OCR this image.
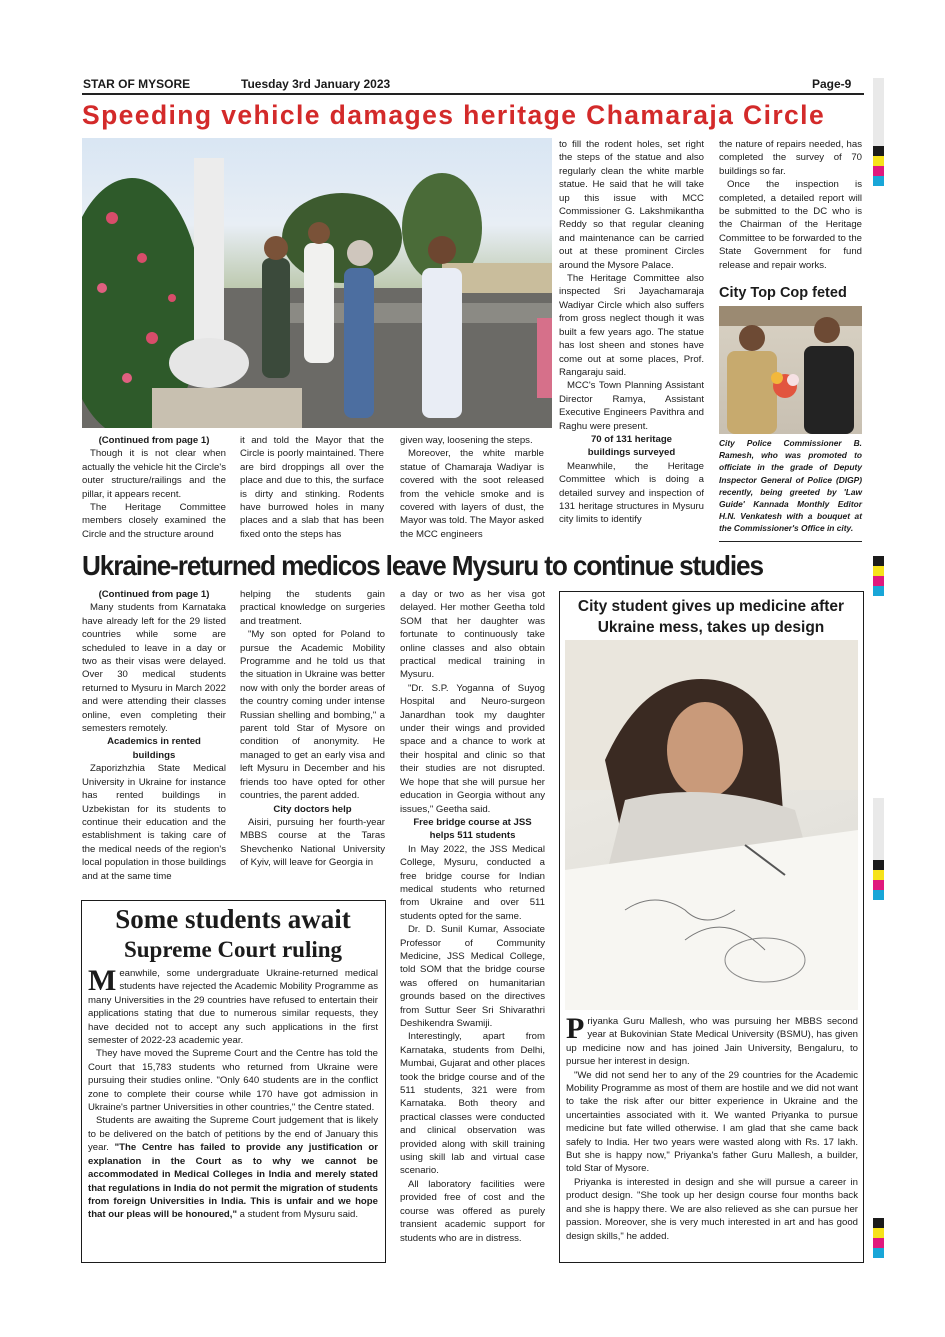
STAR OF MYSORE	Tuesday 3rd January 2023	Page-9
Speeding vehicle damages heritage Chamaraja Circle
(Continued from page 1)

Though it is not clear when actually the vehicle hit the Circle's outer structure/railings and the pillar, it appears recent.

The Heritage Committee members closely examined the Circle and the structure around

it and told the Mayor that the Circle is poorly maintained. There are bird droppings all over the place and due to this, the surface is dirty and stinking. Rodents have burrowed holes in many places and a slab that has been fixed onto the steps has

given way, loosening the steps.

Moreover, the white marble statue of Chamaraja Wadiyar is covered with the soot released from the vehicle smoke and is covered with layers of dust, the Mayor was told. The Mayor asked the MCC engineers

to fill the rodent holes, set right the steps of the statue and also regularly clean the white marble statue. He said that he will take up this issue with MCC Commissioner G. Lakshmikantha Reddy so that regular cleaning and maintenance can be carried out at these prominent Circles around the Mysore Palace.

The Heritage Committee also inspected Sri Jayachamaraja Wadiyar Circle which also suffers from gross neglect though it was built a few years ago. The statue has lost sheen and stones have come out at some places, Prof. Rangaraju said.

MCC's Town Planning Assistant Director Ramya, Assistant Executive Engineers Pavithra and Raghu were present.

70 of 131 heritage buildings surveyed

Meanwhile, the Heritage Committee which is doing a detailed survey and inspection of 131 heritage structures in Mysuru city limits to identify

the nature of repairs needed, has completed the survey of 70 buildings so far.

Once the inspection is completed, a detailed report will be submitted to the DC who is the Chairman of the Heritage Committee to be forwarded to the State Government for fund release and repair works.

City Top Cop feted
City Police Commissioner B. Ramesh, who was promoted to officiate in the grade of Deputy Inspector General of Police (DIGP) recently, being greeted by 'Law Guide' Kannada Monthly Editor H.N. Venkatesh with a bouquet at the Commissioner's Office in city.
Ukraine-returned medicos leave Mysuru to continue studies
(Continued from page 1)

Many students from Karnataka have already left for the 29 listed countries while some are scheduled to leave in a day or two as their visas were delayed. Over 30 medical students returned to Mysuru in March 2022 and were attending their classes online, even completing their semesters remotely.

Academics in rented buildings

Zaporizhzhia State Medical University in Ukraine for instance has rented buildings in Uzbekistan for its students to continue their education and the establishment is taking care of the medical needs of the region's local population in those buildings and at the same time

helping the students gain practical knowledge on surgeries and treatment.

"My son opted for Poland to pursue the Academic Mobility Programme and he told us that the situation in Ukraine was better now with only the border areas of the country coming under intense Russian shelling and bombing," a parent told Star of Mysore on condition of anonymity. He managed to get an early visa and left Mysuru in December and his friends too have opted for other countries, the parent added.

City doctors help

Aisiri, pursuing her fourth-year MBBS course at the Taras Shevchenko National University of Kyiv, will leave for Georgia in

a day or two as her visa got delayed. Her mother Geetha told SOM that her daughter was fortunate to continuously take online classes and also obtain practical medical training in Mysuru.

"Dr. S.P. Yoganna of Suyog Hospital and Neuro-surgeon Janardhan took my daughter under their wings and provided space and a chance to work at their hospital and clinic so that their studies are not disrupted. We hope that she will pursue her education in Georgia without any issues," Geetha said.

Free bridge course at JSS helps 511 students

In May 2022, the JSS Medical College, Mysuru, conducted a free bridge course for Indian medical students who returned from Ukraine and over 511 students opted for the same.

Dr. D. Sunil Kumar, Associate Professor of Community Medicine, JSS Medical College, told SOM that the bridge course was offered on humanitarian grounds based on the directives from Suttur Seer Sri Shivarathri Deshikendra Swamiji.

Interestingly, apart from Karnataka, students from Delhi, Mumbai, Gujarat and other places took the bridge course and of the 511 students, 321 were from Karnataka. Both theory and practical classes were conducted and clinical observation was provided along with skill training using skill lab and virtual case scenario.

All laboratory facilities were provided free of cost and the course was offered as purely transient academic support for students who are in distress.

Some students await
Supreme Court ruling

Meanwhile, some undergraduate Ukraine-returned medical students have rejected the Academic Mobility Programme as many Universities in the 29 countries have refused to entertain their applications stating that due to numerous similar requests, they have decided not to accept any such applications in the first semester of 2022-23 academic year.

They have moved the Supreme Court and the Centre has told the Court that 15,783 students who returned from Ukraine were pursuing their studies online. "Only 640 students are in the conflict zone to complete their course while 170 have got admission in Ukraine's partner Universities in other countries," the Centre stated.

Students are awaiting the Supreme Court judgement that is likely to be delivered on the batch of petitions by the end of January this year. "The Centre has failed to provide any justification or explanation in the Court as to why we cannot be accommodated in Medical Colleges in India and merely stated that regulations in India do not permit the migration of students from foreign Universities in India. This is unfair and we hope that our pleas will be honoured," a student from Mysuru said.

City student gives up medicine after Ukraine mess, takes up design

Priyanka Guru Mallesh, who was pursuing her MBBS second year at Bukovinian State Medical University (BSMU), has given up medicine now and has joined Jain University, Bengaluru, to pursue her interest in design.

"We did not send her to any of the 29 countries for the Academic Mobility Programme as most of them are hostile and we did not want to take the risk after our bitter experience in Ukraine and the uncertainties associated with it. We wanted Priyanka to pursue medicine but fate willed otherwise. I am glad that she came back safely to India. Her two years were wasted along with Rs. 17 lakh. But she is happy now," Priyanka's father Guru Mallesh, a builder, told Star of Mysore.

Priyanka is interested in design and she will pursue a career in product design. "She took up her design course four months back and she is happy there. We are also relieved as she can pursue her passion. Moreover, she is very much interested in art and has good design skills," he added.
